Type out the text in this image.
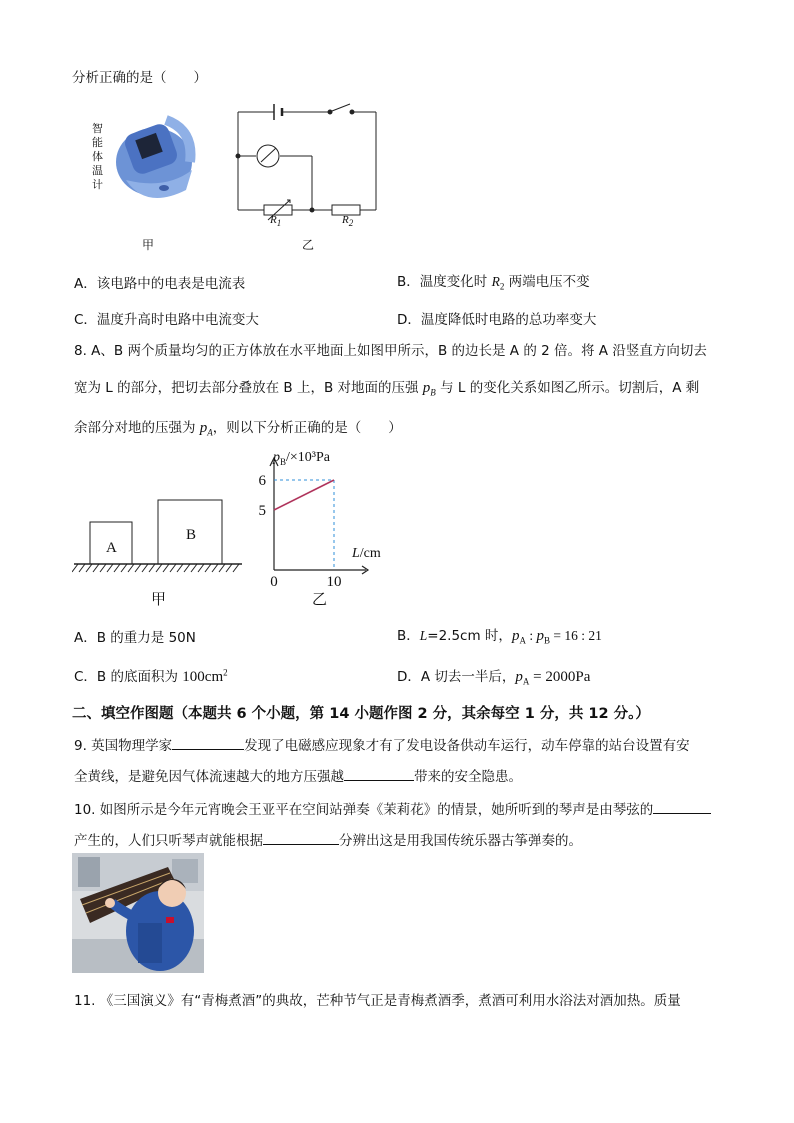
分析正确的是（　　）
智
能
体
温
计
甲
$R_1$	$R_2$
乙
A．该电路中的电表是电流表	B．温度变化时 $R_2$ 两端电压不变
C．温度升高时电路中电流变大	D．温度降低时电路的总功率变大
8. A、B 两个质量均匀的正方体放在水平地面上如图甲所示，B 的边长是 A 的 2 倍。将 A 沿竖直方向切去
宽为 L 的部分，把切去部分叠放在 B 上，B 对地面的压强 $p_B$ 与 L 的变化关系如图乙所示。切割后，A 剩
余部分对地的压强为 $p_A$，则以下分析正确的是（　　）
A
B
甲
0	10
5
6
$p_B/\times 10^3Pa$
L/cm
乙
A．B 的重力是 50N	B．L=2.5cm 时，$p_A$ : $p_B = 16$ : 21
C．B 的底面积为 $100cm^2$	D．A 切去一半后，$p_A = 2000Pa$
二、填空作图题（本题共 6 个小题，第 14 小题作图 2 分，其余每空 1 分，共 12 分。）
9. 英国物理学家	发现了电磁感应现象才有了发电设备供动车运行，动车停靠的站台设置有安
全黄线，是避免因气体流速越大的地方压强越	带来的安全隐患。
10. 如图所示是今年元宵晚会王亚平在空间站弹奏《茉莉花》的情景，她所听到的琴声是由琴弦的
产生的，人们只听琴声就能根据	分辨出这是用我国传统乐器古筝弹奏的。
11. 《三国演义》有“青梅煮酒”的典故，芒种节气正是青梅煮酒季，煮酒可利用水浴法对酒加热。质量
